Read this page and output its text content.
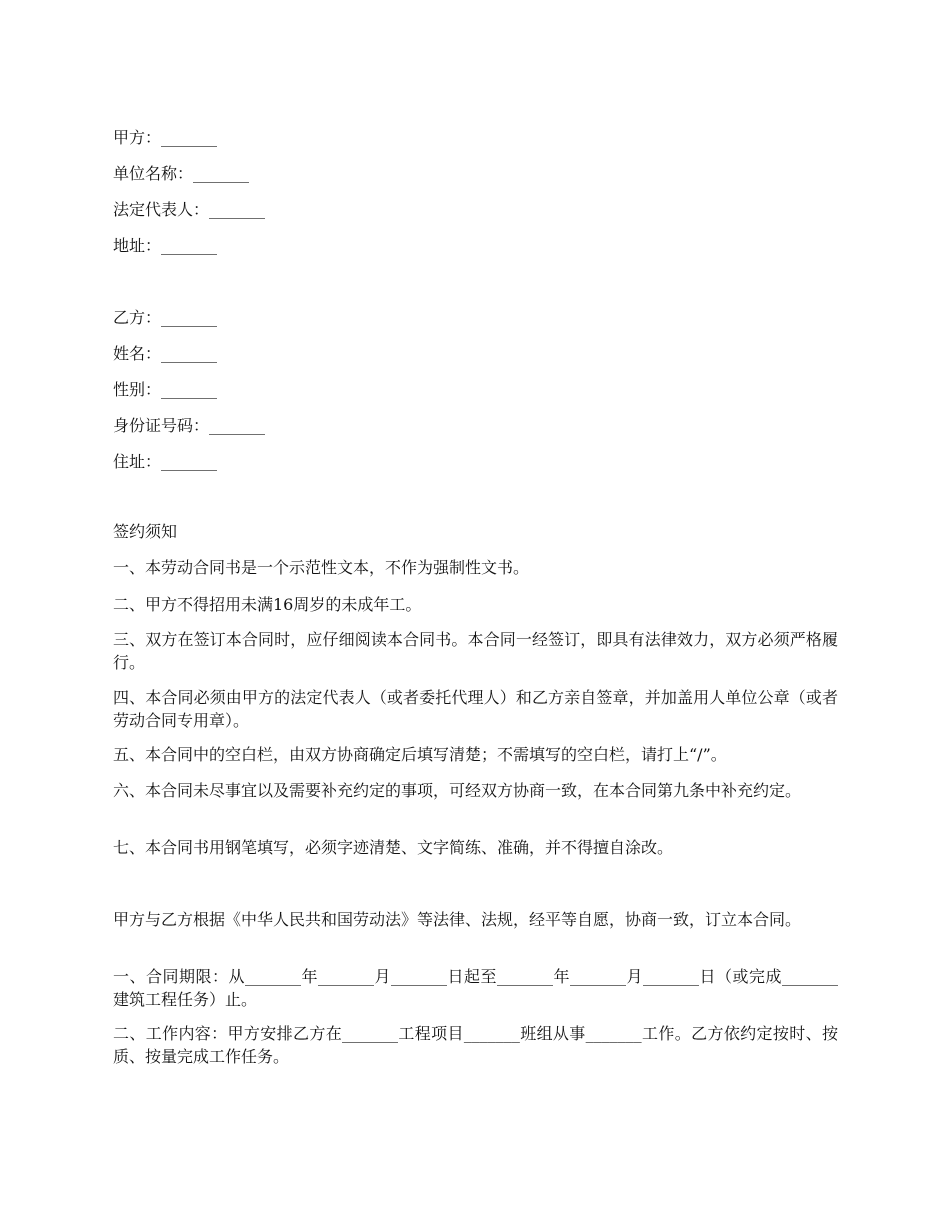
甲方：_______
单位名称：_______
法定代表人：_______
地址：_______
乙方：_______
姓名：_______
性别：_______
身份证号码：_______
住址：_______
签约须知
一、本劳动合同书是一个示范性文本，不作为强制性文书。
二、甲方不得招用未满16周岁的未成年工。
三、双方在签订本合同时，应仔细阅读本合同书。本合同一经签订，即具有法律效力，双方必须严格履行。
四、本合同必须由甲方的法定代表人（或者委托代理人）和乙方亲自签章，并加盖用人单位公章（或者劳动合同专用章）。
五、本合同中的空白栏，由双方协商确定后填写清楚；不需填写的空白栏，请打上“/”。
六、本合同未尽事宜以及需要补充约定的事项，可经双方协商一致，在本合同第九条中补充约定。
七、本合同书用钢笔填写，必须字迹清楚、文字简练、准确，并不得擅自涂改。
甲方与乙方根据《中华人民共和国劳动法》等法律、法规，经平等自愿，协商一致，订立本合同。
一、合同期限：从_______年_______月_______日起至_______年_______月_______日（或完成_______建筑工程任务）止。
二、工作内容：甲方安排乙方在_______工程项目_______班组从事_______工作。乙方依约定按时、按质、按量完成工作任务。
